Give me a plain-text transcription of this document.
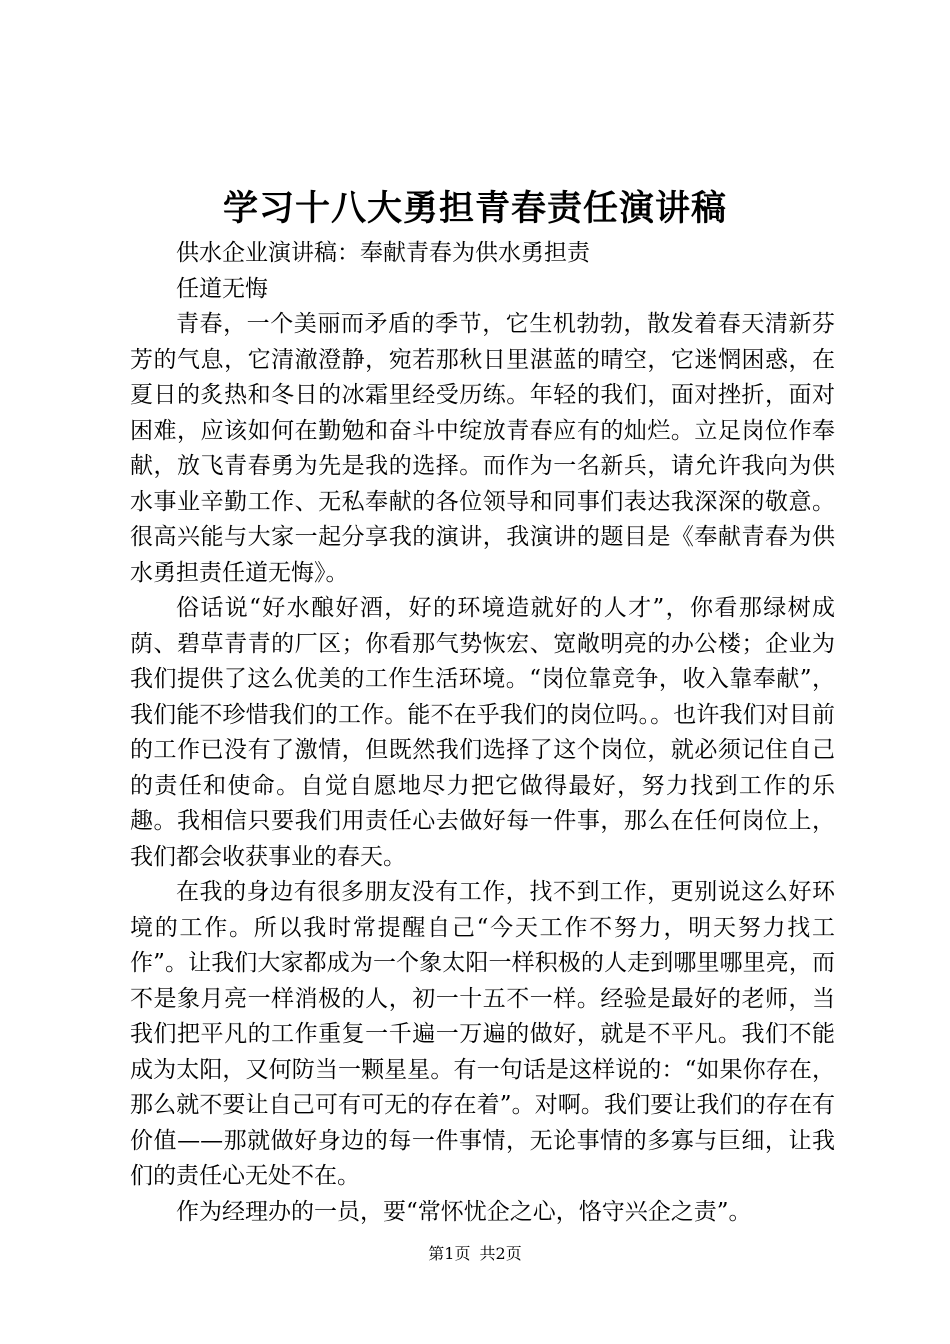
学习十八大勇担青春责任演讲稿

供水企业演讲稿：奉献青春为供水勇担责

任道无悔

青春，一个美丽而矛盾的季节，它生机勃勃，散发着春天清新芬芳的气息，它清澈澄静，宛若那秋日里湛蓝的晴空，它迷惘困惑，在夏日的炙热和冬日的冰霜里经受历练。年轻的我们，面对挫折，面对困难，应该如何在勤勉和奋斗中绽放青春应有的灿烂。立足岗位作奉献，放飞青春勇为先是我的选择。而作为一名新兵，请允许我向为供水事业辛勤工作、无私奉献的各位领导和同事们表达我深深的敬意。很高兴能与大家一起分享我的演讲，我演讲的题目是《奉献青春为供水勇担责任道无悔》。

俗话说“好水酿好酒，好的环境造就好的人才”，你看那绿树成荫、碧草青青的厂区；你看那气势恢宏、宽敞明亮的办公楼；企业为我们提供了这么优美的工作生活环境。“岗位靠竞争，收入靠奉献”，我们能不珍惜我们的工作。能不在乎我们的岗位吗。。也许我们对目前的工作已没有了激情，但既然我们选择了这个岗位，就必须记住自己的责任和使命。自觉自愿地尽力把它做得最好，努力找到工作的乐趣。我相信只要我们用责任心去做好每一件事，那么在任何岗位上，我们都会收获事业的春天。

在我的身边有很多朋友没有工作，找不到工作，更别说这么好环境的工作。所以我时常提醒自己“今天工作不努力，明天努力找工作”。让我们大家都成为一个象太阳一样积极的人走到哪里哪里亮，而不是象月亮一样消极的人，初一十五不一样。经验是最好的老师，当我们把平凡的工作重复一千遍一万遍的做好，就是不平凡。我们不能成为太阳，又何防当一颗星星。有一句话是这样说的：“如果你存在，那么就不要让自己可有可无的存在着”。对啊。我们要让我们的存在有价值——那就做好身边的每一件事情，无论事情的多寡与巨细，让我们的责任心无处不在。

作为经理办的一员，要“常怀忧企之心，恪守兴企之责”。

第1页 共2页
